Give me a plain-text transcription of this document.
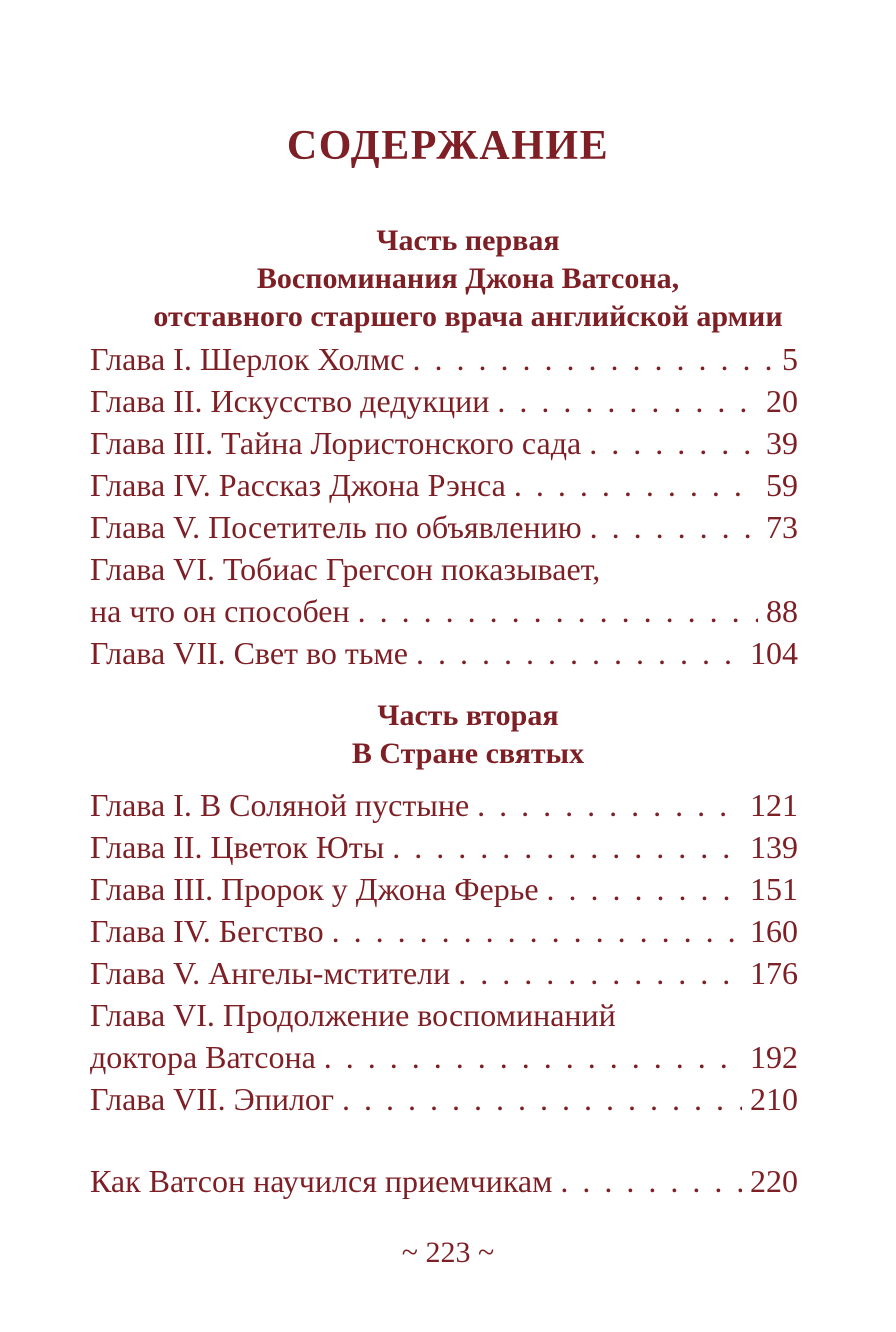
СОДЕРЖАНИЕ
Часть первая
Воспоминания Джона Ватсона,
отставного старшего врача английской армии
Глава I. Шерлок Холмс . . .	5
Глава II. Искусство дедукции . . .	20
Глава III. Тайна Лористонского сада . . .	39
Глава IV. Рассказ Джона Рэнса . . .	59
Глава V. Посетитель по объявлению . . .	73
Глава VI. Тобиас Грегсон показывает,
на что он способен . . .	88
Глава VII. Свет во тьме . . .	104
Часть вторая
В Стране святых
Глава I. В Соляной пустыне . . .	121
Глава II. Цветок Юты . . .	139
Глава III. Пророк у Джона Ферье . . .	151
Глава IV. Бегство . . .	160
Глава V. Ангелы-мстители . . .	176
Глава VI. Продолжение воспоминаний
доктора Ватсона . . .	192
Глава VII. Эпилог . . .	210
Как Ватсон научился приемчикам . . .	220
~ 223 ~
